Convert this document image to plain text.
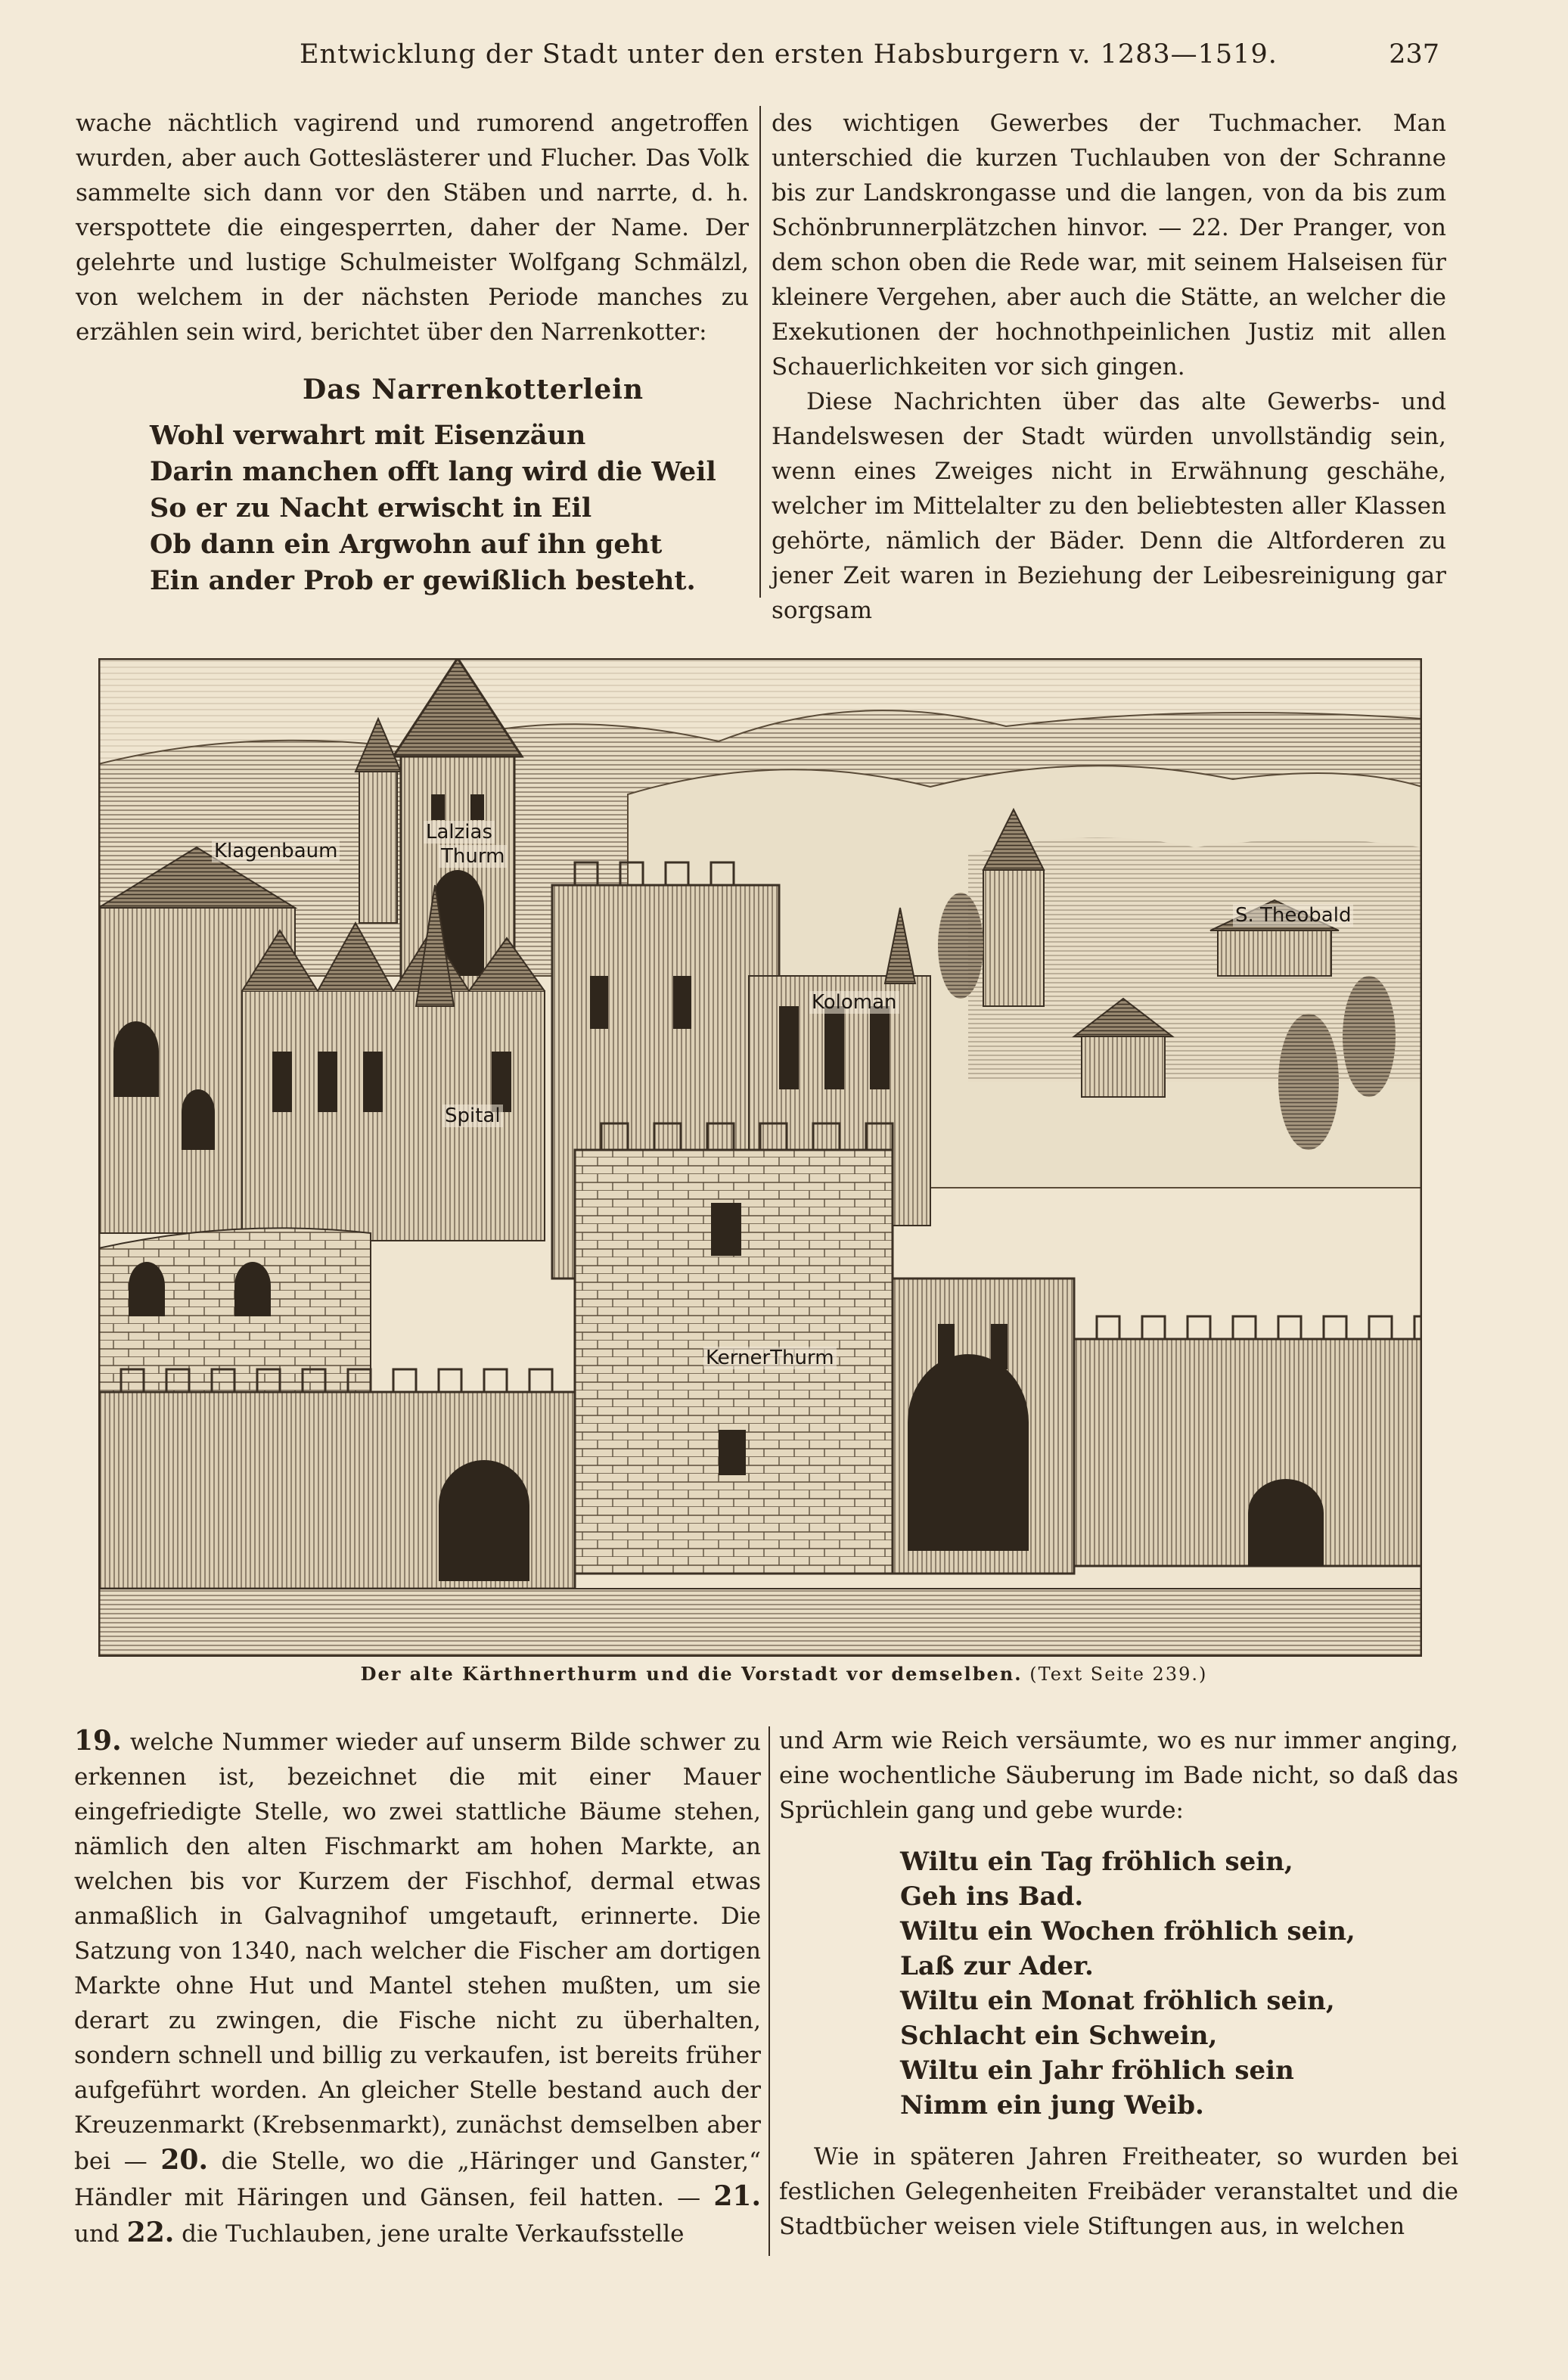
Entwicklung der Stadt unter den ersten Habsburgern v. 1283—1519.	237

wache nächtlich vagirend und rumorend angetroffen wurden, aber auch Gotteslästerer und Flucher. Das Volk sammelte sich dann vor den Stäben und narrte, d. h. verspottete die eingesperrten, daher der Name. Der gelehrte und lustige Schulmeister Wolfgang Schmälzl, von welchem in der nächsten Periode manches zu erzählen sein wird, berichtet über den Narrenkotter:

Das Narrenkotterlein
Wohl verwahrt mit Eisenzäun
Darin manchen offt lang wird die Weil
So er zu Nacht erwischt in Eil
Ob dann ein Argwohn auf ihn geht
Ein ander Prob er gewißlich besteht.

des wichtigen Gewerbes der Tuchmacher. Man unterschied die kurzen Tuchlauben von der Schranne bis zur Landskrongasse und die langen, von da bis zum Schönbrunnerplätzchen hinvor. — 22. Der Pranger, von dem schon oben die Rede war, mit seinem Halseisen für kleinere Vergehen, aber auch die Stätte, an welcher die Exekutionen der hochnothpeinlichen Justiz mit allen Schauerlichkeiten vor sich gingen.

Diese Nachrichten über das alte Gewerbs- und Handelswesen der Stadt würden unvollständig sein, wenn eines Zweiges nicht in Erwähnung geschähe, welcher im Mittelalter zu den beliebtesten aller Klassen gehörte, nämlich der Bäder. Denn die Altforderen zu jener Zeit waren in Beziehung der Leibesreinigung gar sorgsam

Klagenbaum
Lalzias
Thurm
S. Theobald
Koloman
Spital
KernerThurm
Der alte Kärthnerthurm und die Vorstadt vor demselben. (Text Seite 239.)

19. welche Nummer wieder auf unserm Bilde schwer zu erkennen ist, bezeichnet die mit einer Mauer eingefriedigte Stelle, wo zwei stattliche Bäume stehen, nämlich den alten Fischmarkt am hohen Markte, an welchen bis vor Kurzem der Fischhof, dermal etwas anmaßlich in Galvagnihof umgetauft, erinnerte. Die Satzung von 1340, nach welcher die Fischer am dortigen Markte ohne Hut und Mantel stehen mußten, um sie derart zu zwingen, die Fische nicht zu überhalten, sondern schnell und billig zu verkaufen, ist bereits früher aufgeführt worden. An gleicher Stelle bestand auch der Kreuzenmarkt (Krebsenmarkt), zunächst demselben aber bei — 20. die Stelle, wo die „Häringer und Ganster,“ Händler mit Häringen und Gänsen, feil hatten. — 21. und 22. die Tuchlauben, jene uralte Verkaufsstelle

und Arm wie Reich versäumte, wo es nur immer anging, eine wochentliche Säuberung im Bade nicht, so daß das Sprüchlein gang und gebe wurde:

Wiltu ein Tag fröhlich sein,
Geh ins Bad.
Wiltu ein Wochen fröhlich sein,
Laß zur Ader.
Wiltu ein Monat fröhlich sein,
Schlacht ein Schwein,
Wiltu ein Jahr fröhlich sein
Nimm ein jung Weib.

Wie in späteren Jahren Freitheater, so wurden bei festlichen Gelegenheiten Freibäder veranstaltet und die Stadtbücher weisen viele Stiftungen aus, in welchen
